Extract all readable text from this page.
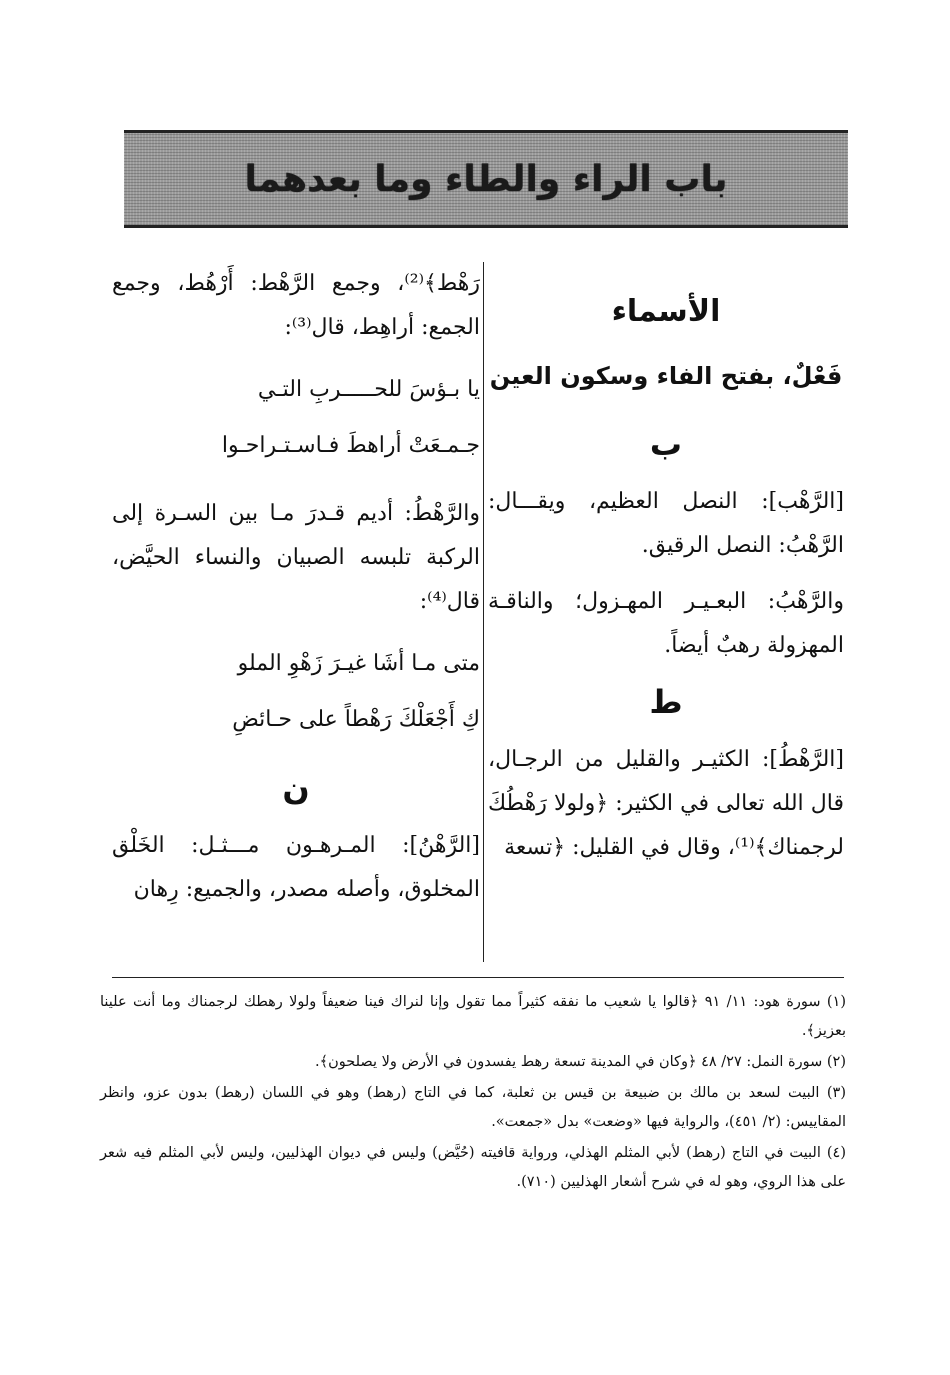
باب الراء والطاء وما بعدهما
الأسماء
فَعْلٌ، بفتح الفاء وسكون العين
ب

[الرَّهْب]: النصل العظيم، ويقـــال: الرَّهْبُ: النصل الرقيق.

والرَّهْبُ: البعـيـر المهـزول؛ والناقـة المهزولة رهبٌ أيضاً.

ط

[الرَّهْطُ]: الكثيـر والقليل من الرجـال، قال الله تعالى في الكثير: ﴿ولولا رَهْطُكَ لرجمناك﴾⁽¹⁾، وقال في القليل: ﴿تسعة

رَهْط﴾⁽²⁾، وجمع الرَّهْط: أَرْهُط، وجمع الجمع: أراهِط، قال⁽³⁾:

يا بـؤسَ للحـــــربِ التـي
جـمـعَتْ أراهطَ فـاسـتـراحـوا

والرَّهْطُ: أديم قـدرَ مـا بين السـرة إلى الركبة تلبسه الصبيان والنساء الحيَّض، قال⁽⁴⁾:

متى مـا أشَا غيـرَ زَهْوِ الملو
كِ أَجْعَلْكَ رَهْطاً على حـائضِ
ن

[الرَّهْنُ]: المـرهـون مـــثـل: الخَلْق المخلوق، وأصله مصدر، والجميع: رِهان

(١) سورة هود: ١١/ ٩١ ﴿قالوا يا شعيب ما نفقه كثيراً مما تقول وإنا لنراك فينا ضعيفاً ولولا رهطك لرجمناك وما أنت علينا بعزيز﴾.

(٢) سورة النمل: ٢٧/ ٤٨ ﴿وكان في المدينة تسعة رهط يفسدون في الأرض ولا يصلحون﴾.

(٣) البيت لسعد بن مالك بن ضبيعة بن قيس بن ثعلبة، كما في التاج (رهط) وهو في اللسان (رهط) بدون عزو، وانظر المقاييس: (٢/ ٤٥١)، والرواية فيها «وضعت» بدل «جمعت».

(٤) البيت في التاج (رهط) لأبي المثلم الهذلي، ورواية قافيته (حُيَّض) وليس في ديوان الهذليين، وليس لأبي المثلم فيه شعر على هذا الروي، وهو له في شرح أشعار الهذليين (٧١٠).
